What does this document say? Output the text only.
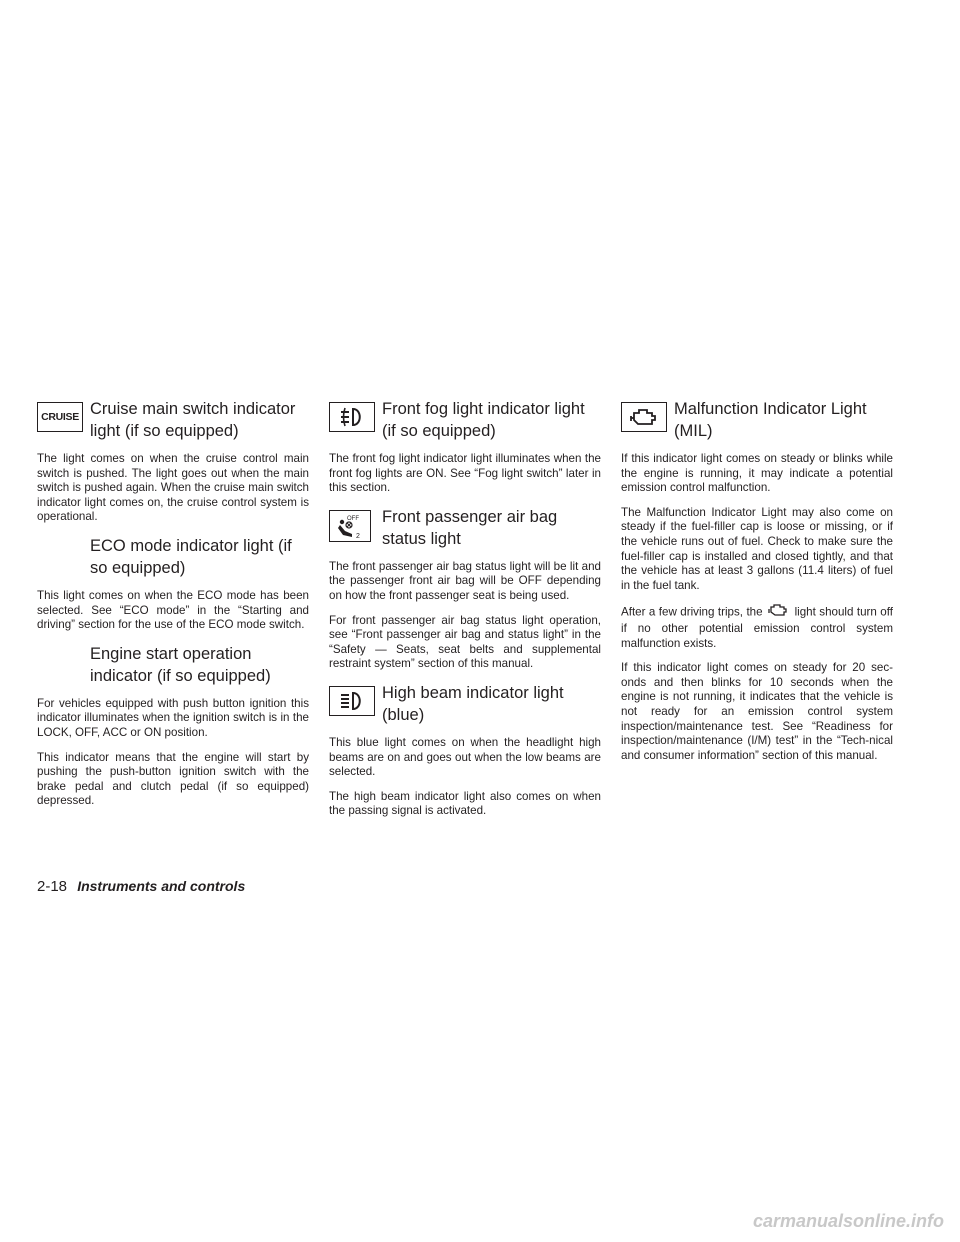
CRUISE Cruise main switch indicator light (if so equipped)

The light comes on when the cruise control main switch is pushed. The light goes out when the main switch is pushed again. When the cruise main switch indicator light comes on, the cruise control system is operational.

ECO mode indicator light (if so equipped)

This light comes on when the ECO mode has been selected. See “ECO mode” in the “Starting and driving” section for the use of the ECO mode switch.

Engine start operation indicator (if so equipped)

For vehicles equipped with push button ignition this indicator illuminates when the ignition switch is in the LOCK, OFF, ACC or ON position.

This indicator means that the engine will start by pushing the push-button ignition switch with the brake pedal and clutch pedal (if so equipped) depressed.

Front fog light indicator light (if so equipped)

The front fog light indicator light illuminates when the front fog lights are ON. See “Fog light switch” later in this section.

OFF
2
Front passenger air bag status light

The front passenger air bag status light will be lit and the passenger front air bag will be OFF depending on how the front passenger seat is being used.

For front passenger air bag status light operation, see “Front passenger air bag and status light” in the “Safety — Seats, seat belts and supplemental restraint system” section of this manual.

High beam indicator light (blue)

This blue light comes on when the headlight high beams are on and goes out when the low beams are selected.

The high beam indicator light also comes on when the passing signal is activated.

Malfunction Indicator Light (MIL)

If this indicator light comes on steady or blinks while the engine is running, it may indicate a potential emission control malfunction.

The Malfunction Indicator Light may also come on steady if the fuel-filler cap is loose or missing, or if the vehicle runs out of fuel. Check to make sure the fuel-filler cap is installed and closed tightly, and that the vehicle has at least 3 gallons (11.4 liters) of fuel in the fuel tank.

After a few driving trips, the	light should turn off if no other potential emission control system malfunction exists.

If this indicator light comes on steady for 20 sec-onds and then blinks for 10 seconds when the engine is not running, it indicates that the vehicle is not ready for an emission control system inspection/maintenance test. See “Readiness for inspection/maintenance (I/M) test” in the “Tech-nical and consumer information” section of this manual.

2-18 Instruments and controls
carmanualsonline.info
